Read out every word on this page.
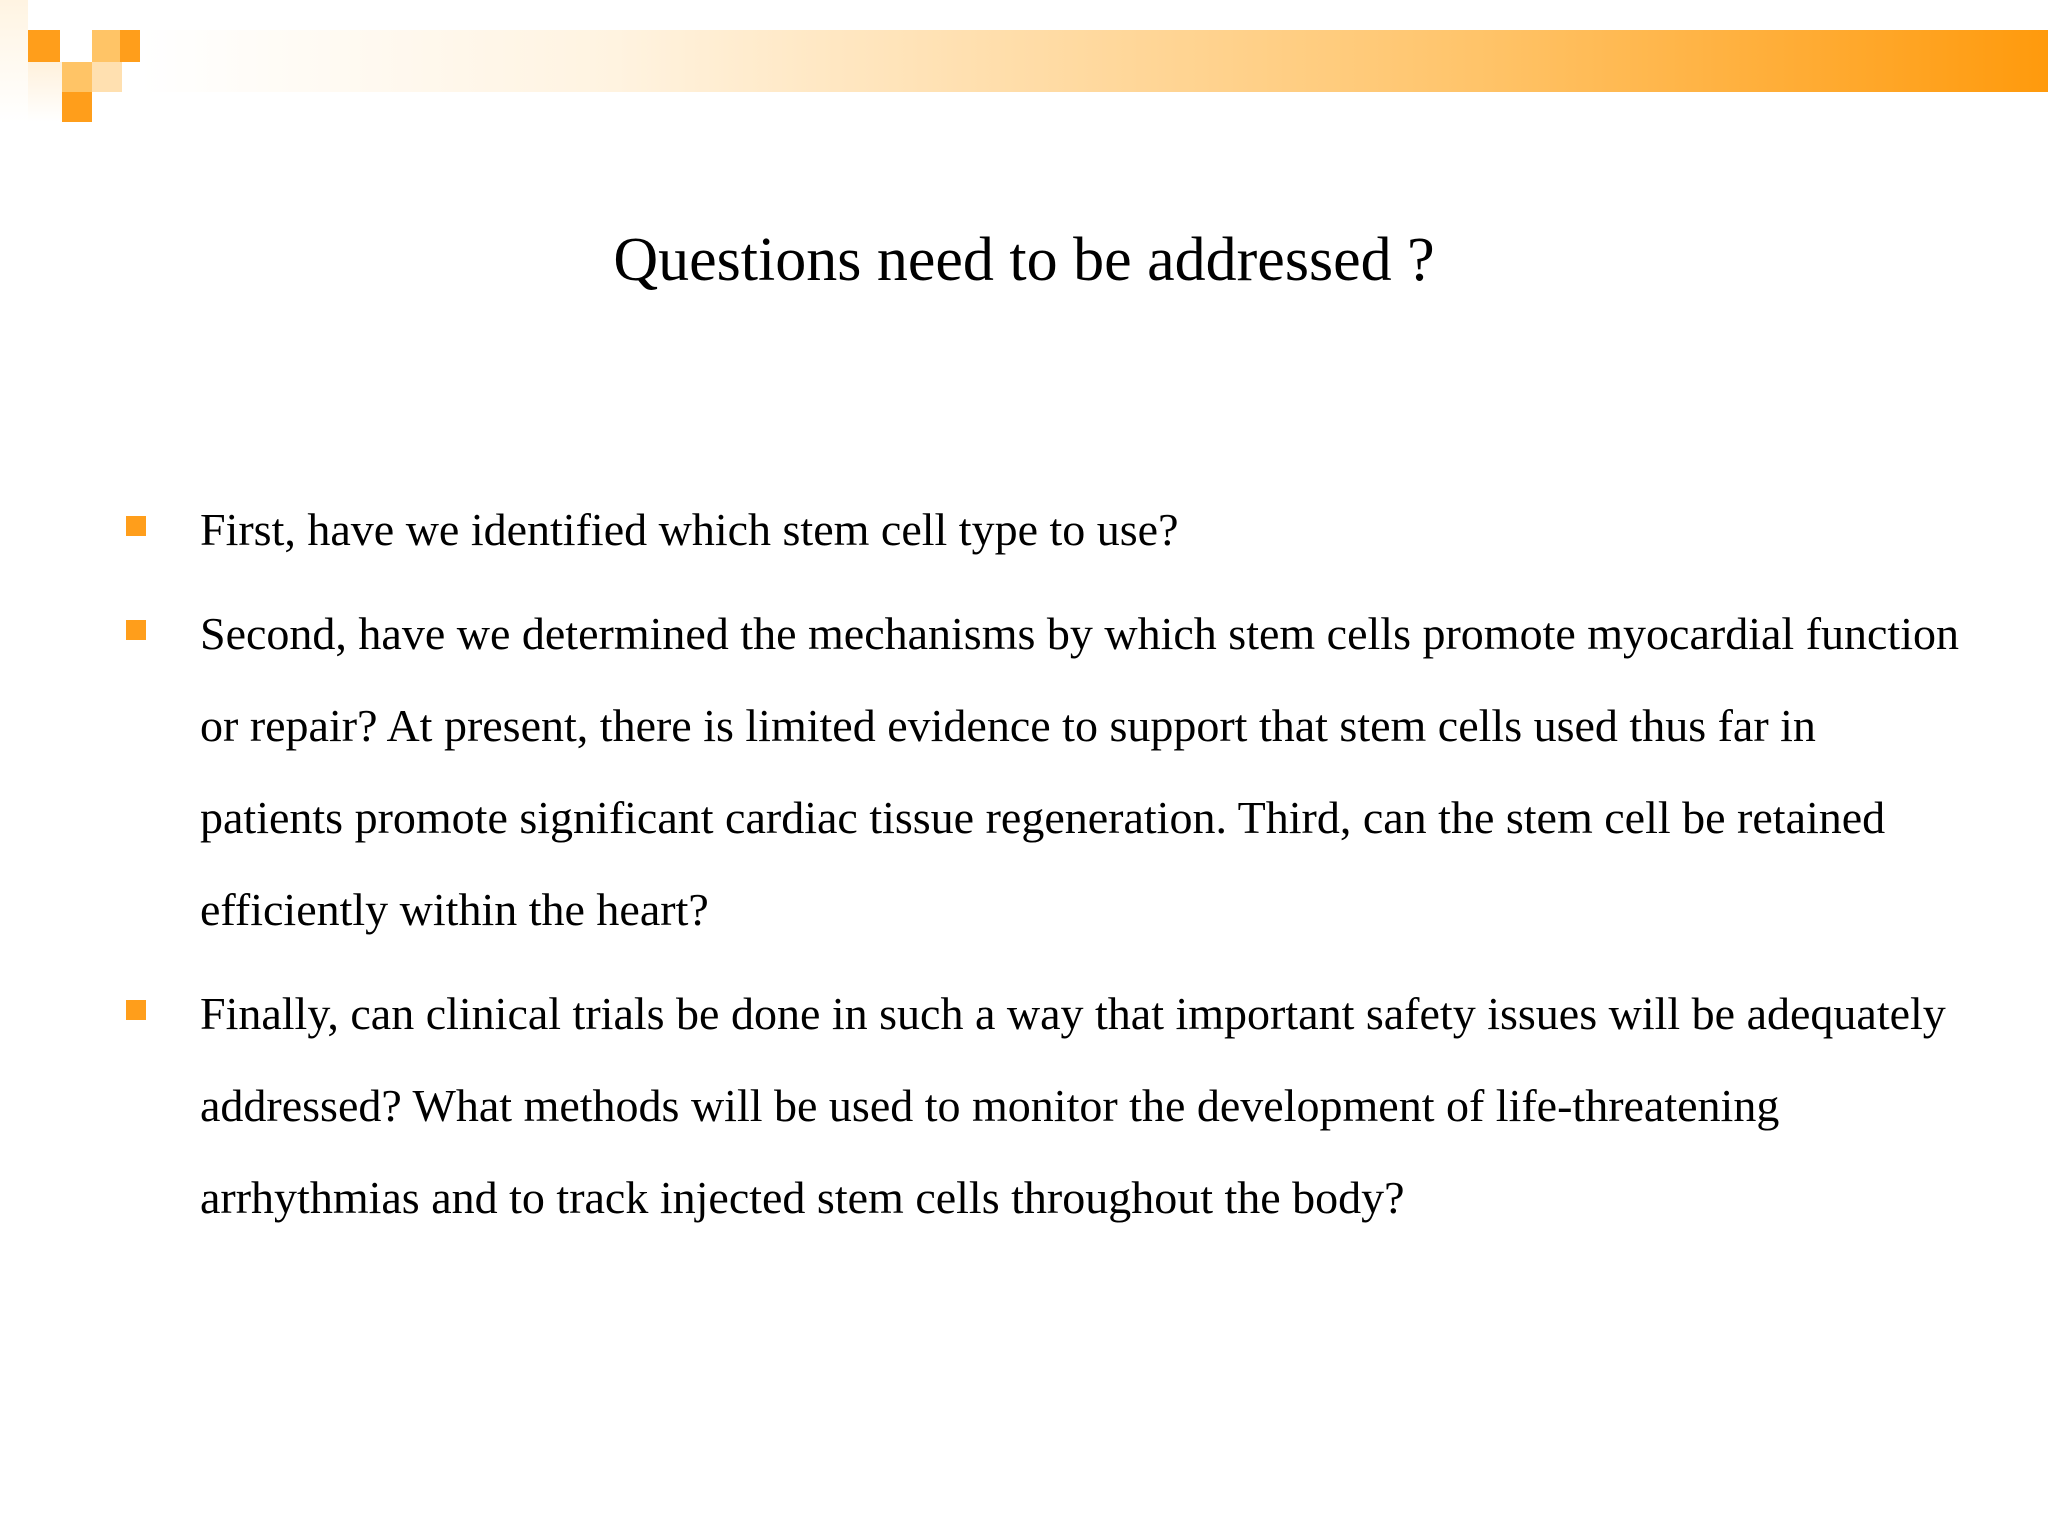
Questions need to be addressed ?
First, have we identified which stem cell type to use?
Second, have we determined the mechanisms by which stem cells promote myocardial function or repair? At present, there is limited evidence to support that stem cells used thus far in patients promote significant cardiac tissue regeneration. Third, can the stem cell be retained efficiently within the heart?
Finally, can clinical trials be done in such a way that important safety issues will be adequately addressed? What methods will be used to monitor the development of life-threatening arrhythmias and to track injected stem cells throughout the body?
